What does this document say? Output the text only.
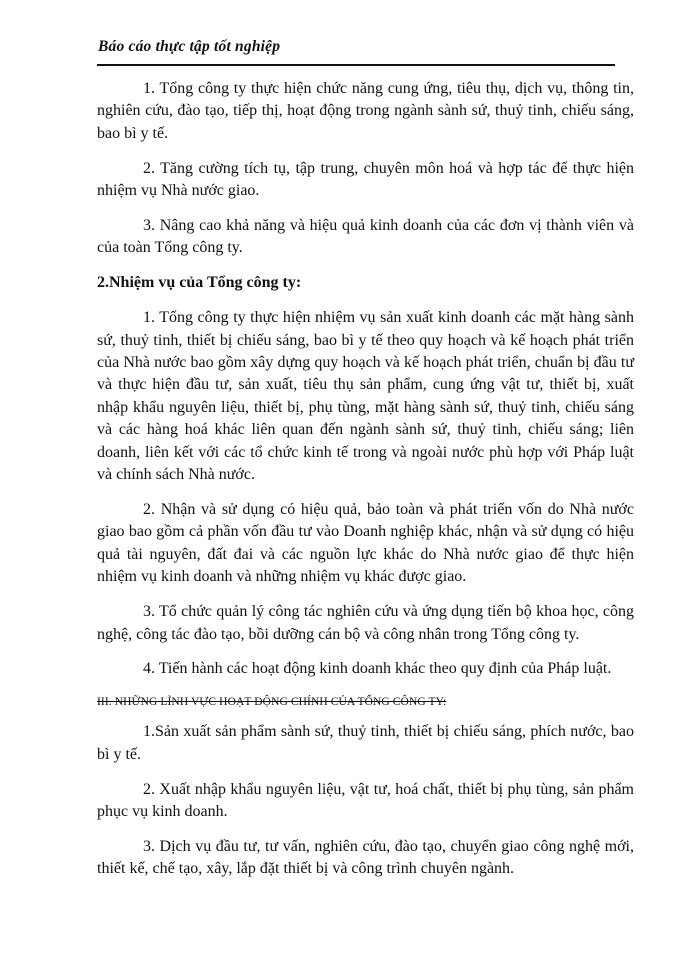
Báo cáo thực tập tốt nghiệp

1. Tổng công ty thực hiện chức năng cung ứng, tiêu thụ, dịch vụ, thông tin, nghiên cứu, đào tạo, tiếp thị, hoạt động trong ngành sành sứ, thuỷ tinh, chiếu sáng, bao bì y tế.

2. Tăng cường tích tụ, tập trung, chuyên môn hoá và hợp tác để thực hiện nhiệm vụ Nhà nước giao.

3. Nâng cao khả năng và hiệu quả kinh doanh của các đơn vị thành viên và của toàn Tổng công ty.

2.Nhiệm vụ của Tổng công ty:

1. Tổng công ty thực hiện nhiệm vụ sản xuất kinh doanh các mặt hàng sành sứ, thuỷ tinh, thiết bị chiếu sáng, bao bì y tế theo quy hoạch và kế hoạch phát triển của Nhà nước bao gồm xây dựng quy hoạch và kế hoạch phát triển, chuẩn bị đầu tư và thực hiện đầu tư, sản xuất, tiêu thụ sản phẩm, cung ứng vật tư, thiết bị, xuất nhập khẩu nguyên liệu, thiết bị, phụ tùng, mặt hàng sành sứ, thuỷ tinh, chiếu sáng và các hàng hoá khác liên quan đến ngành sành sứ, thuỷ tinh, chiếu sáng; liên doanh, liên kết với các tổ chức kinh tế trong và ngoài nước phù hợp với Pháp luật và chính sách Nhà nước.

2. Nhận và sử dụng có hiệu quả, bảo toàn và phát triển vốn do Nhà nước giao bao gồm cả phần vốn đầu tư vào Doanh nghiệp khác, nhận và sử dụng có hiệu quả tài nguyên, đất đai và các nguồn lực khác do Nhà nước giao để thực hiện nhiệm vụ kinh doanh và những nhiệm vụ khác được giao.

3. Tổ chức quản lý công tác nghiên cứu và ứng dụng tiến bộ khoa học, công nghệ, công tác đào tạo, bồi dưỡng cán bộ và công nhân trong Tổng công ty.

4. Tiến hành các hoạt động kinh doanh khác theo quy định của Pháp luật.

III. NHỮNG LĨNH VỰC HOẠT ĐỘNG CHÍNH CỦA TỔNG CÔNG TY:

1.Sản xuất sản phẩm sành sứ, thuỷ tinh, thiết bị chiếu sáng, phích nước, bao bì y tế.

2. Xuất nhập khẩu nguyên liệu, vật tư, hoá chất, thiết bị phụ tùng, sản phẩm phục vụ kinh doanh.

3. Dịch vụ đầu tư, tư vấn, nghiên cứu, đào tạo, chuyển giao công nghệ mới, thiết kế, chế tạo, xây, lắp đặt thiết bị và công trình chuyên ngành.
